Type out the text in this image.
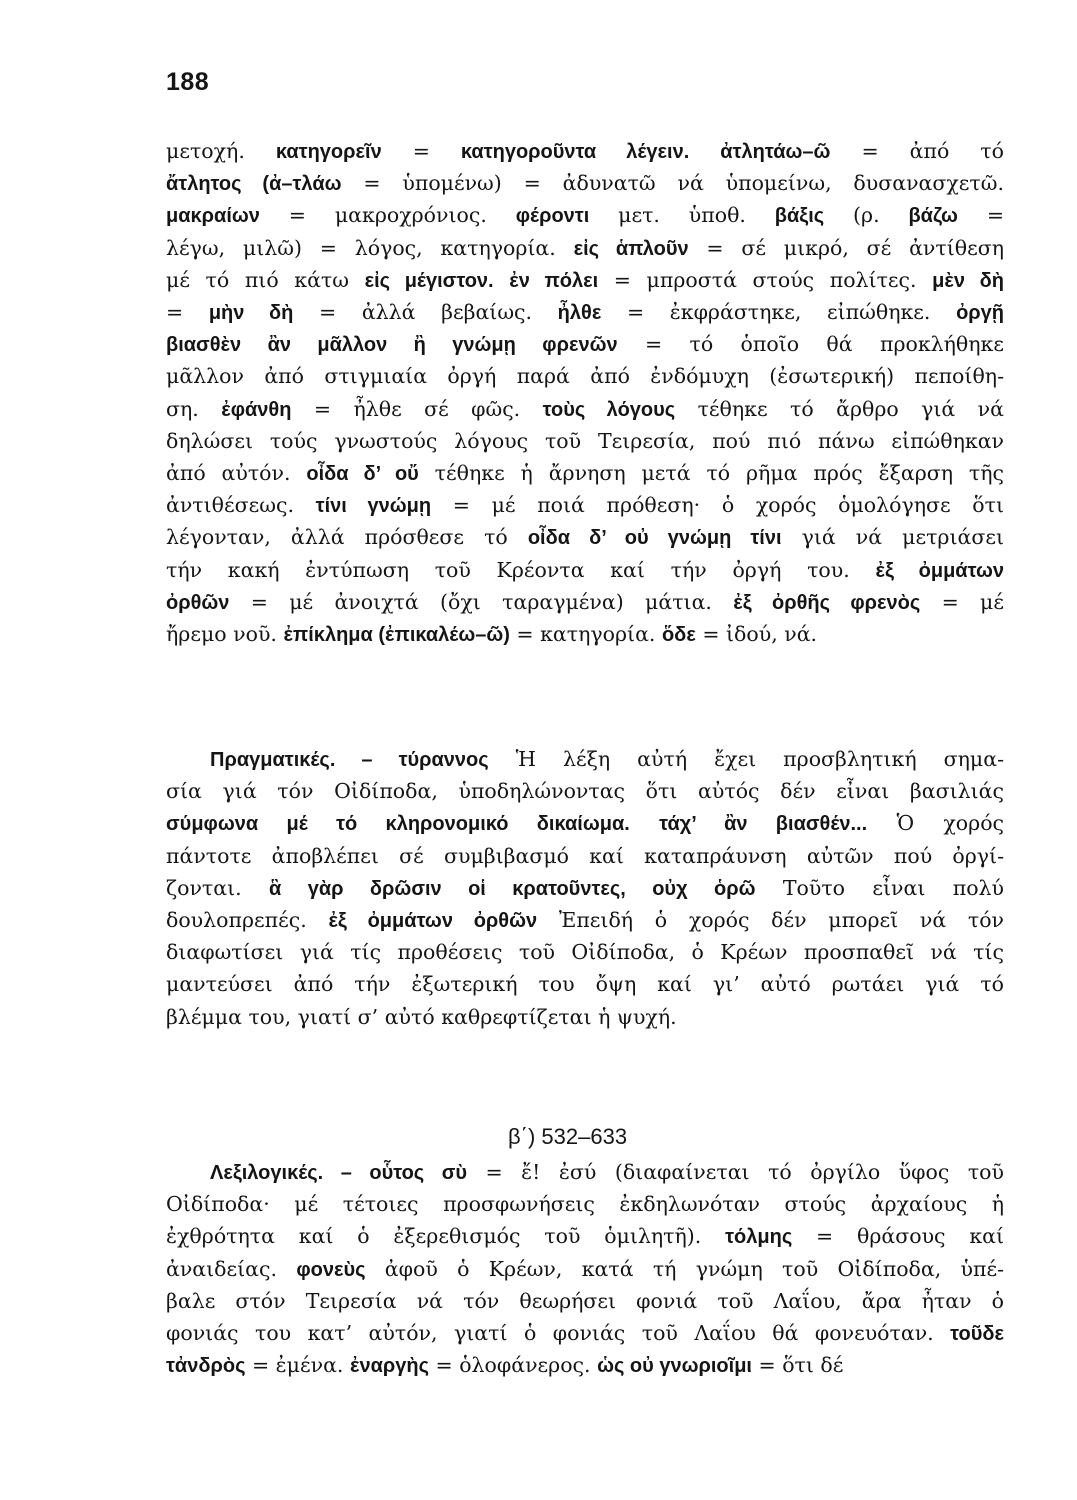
188
μετοχή. κατηγορεῖν = κατηγοροῦντα λέγειν. ἀτλητάω–ῶ = ἀπό τό
ἄτλητος (ἀ–τλάω = ὑπομένω) = ἀδυνατῶ νά ὑπομείνω, δυσανασχετῶ.
μακραίων = μακροχρόνιος. φέροντι μετ. ὑποθ. βάξις (ρ. βάζω =
λέγω, μιλῶ) = λόγος, κατηγορία. εἰς ἁπλοῦν = σέ μικρό, σέ ἀντίθεση
μέ τό πιό κάτω εἰς μέγιστον. ἐν πόλει = μπροστά στούς πολίτες. μὲν δὴ
= μὴν δὴ = ἀλλά βεβαίως. ἦλθε = ἐκφράστηκε, εἰπώθηκε. ὀργῇ
βιασθὲν ἂν μᾶλλον ἢ γνώμῃ φρενῶν = τό ὁποῖο θά προκλήθηκε
μᾶλλον ἀπό στιγμιαία ὀργή παρά ἀπό ἐνδόμυχη (ἐσωτερική) πεποίθη-
ση. ἐφάνθη = ἦλθε σέ φῶς. τοὺς λόγους τέθηκε τό ἄρθρο γιά νά
δηλώσει τούς γνωστούς λόγους τοῦ Τειρεσία, πού πιό πάνω εἰπώθηκαν
ἀπό αὐτόν. οἶδα δ’ οὔ τέθηκε ἡ ἄρνηση μετά τό ρῆμα πρός ἔξαρση τῆς
ἀντιθέσεως. τίνι γνώμῃ = μέ ποιά πρόθεση· ὁ χορός ὁμολόγησε ὅτι
λέγονταν, ἀλλά πρόσθεσε τό οἶδα δ’ οὐ γνώμῃ τίνι γιά νά μετριάσει
τήν κακή ἐντύπωση τοῦ Κρέοντα καί τήν ὀργή του. ἐξ ὀμμάτων
ὀρθῶν = μέ ἀνοιχτά (ὄχι ταραγμένα) μάτια. ἐξ ὀρθῆς φρενὸς = μέ
ἤρεμο νοῦ. ἐπίκλημα (ἐπικαλέω–ῶ) = κατηγορία. ὅδε = ἰδού, νά.
Πραγματικές. – τύραννος Ἡ λέξη αὐτή ἔχει προσβλητική σημα-
σία γιά τόν Οἰδίποδα, ὑποδηλώνοντας ὅτι αὐτός δέν εἶναι βασιλιάς
σύμφωνα μέ τό κληρονομικό δικαίωμα. τάχ’ ἂν βιασθέν... Ὁ χορός
πάντοτε ἀποβλέπει σέ συμβιβασμό καί καταπράυνση αὐτῶν πού ὀργί-
ζονται. ἃ γὰρ δρῶσιν οἱ κρατοῦντες, οὐχ ὁρῶ Τοῦτο εἶναι πολύ
δουλοπρεπές. ἐξ ὀμμάτων ὀρθῶν Ἐπειδή ὁ χορός δέν μπορεῖ νά τόν
διαφωτίσει γιά τίς προθέσεις τοῦ Οἰδίποδα, ὁ Κρέων προσπαθεῖ νά τίς
μαντεύσει ἀπό τήν ἐξωτερική του ὄψη καί γι’ αὐτό ρωτάει γιά τό
βλέμμα του, γιατί σ’ αὐτό καθρεφτίζεται ἡ ψυχή.
β΄) 532–633
Λεξιλογικές. – οὗτος σὺ = ἔ! ἐσύ (διαφαίνεται τό ὀργίλο ὕφος τοῦ
Οἰδίποδα· μέ τέτοιες προσφωνήσεις ἐκδηλωνόταν στούς ἀρχαίους ἡ
ἐχθρότητα καί ὁ ἐξερεθισμός τοῦ ὁμιλητῆ). τόλμης = θράσους καί
ἀναιδείας. φονεὺς ἀφοῦ ὁ Κρέων, κατά τή γνώμη τοῦ Οἰδίποδα, ὑπέ-
βαλε στόν Τειρεσία νά τόν θεωρήσει φονιά τοῦ Λαΐου, ἄρα ἦταν ὁ
φονιάς του κατ’ αὐτόν, γιατί ὁ φονιάς τοῦ Λαΐου θά φονευόταν. τοῦδε
τἀνδρὸς = ἐμένα. ἐναργὴς = ὁλοφάνερος. ὡς οὐ γνωριοῖμι = ὅτι δέ
